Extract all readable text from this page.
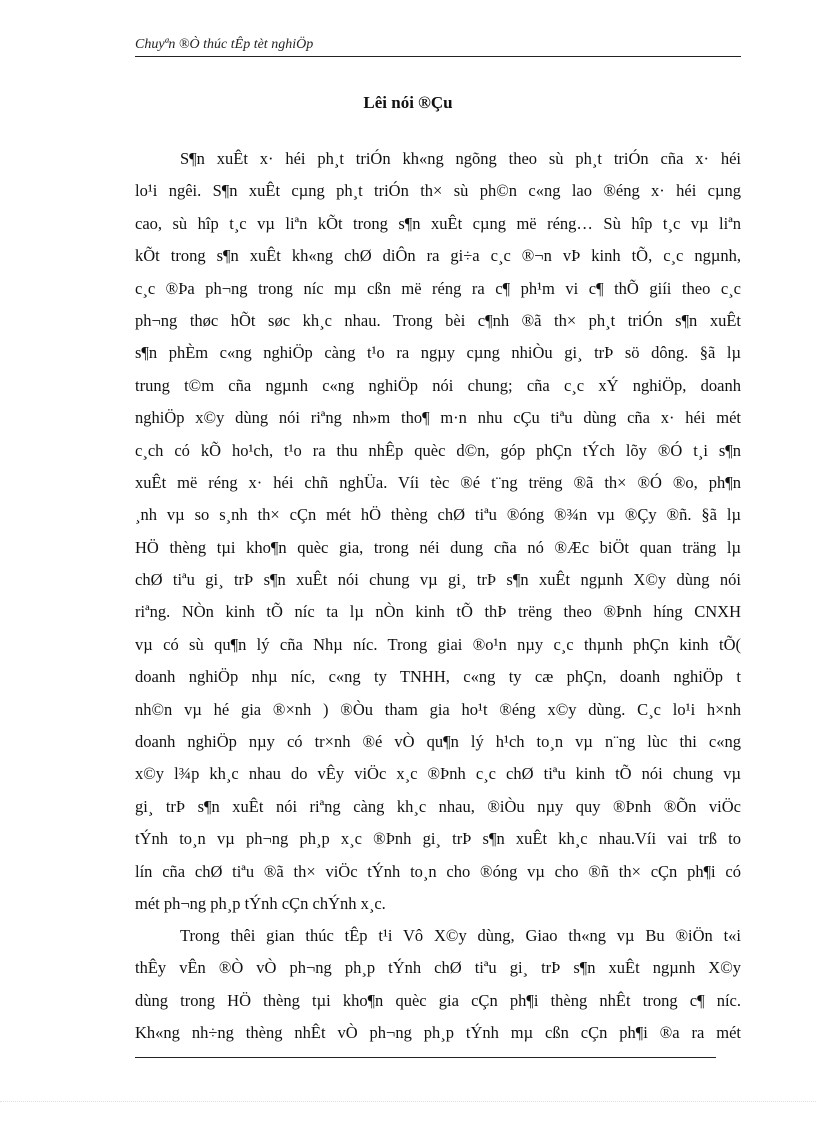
Chuyªn ®Ò thúc tÊp tèt nghiÖp
Lêi nói ®Çu
S¶n xuÊt x· héi ph¸t triÓn kh«ng ngõng theo sù ph¸t triÓn cña x· héi
lo¹i ngêi. S¶n xuÊt cµng ph¸t triÓn th× sù ph©n c«ng lao ®éng x· héi cµng
cao, sù hîp t¸c vµ liªn kÕt trong s¶n xuÊt cµng më réng… Sù hîp t¸c vµ liªn
kÕt trong s¶n xuÊt kh«ng chØ diÔn ra gi÷a c¸c ®¬n vÞ kinh tÕ, c¸c ngµnh,
c¸c ®Þa ph¬ng trong níc mµ cßn më réng ra c¶ ph¹m vi c¶ thÕ giíi theo c¸c
ph¬ng thøc hÕt søc kh¸c nhau. Trong bèi c¶nh ®ã th× ph¸t triÓn s¶n xuÊt
s¶n phÈm c«ng nghiÖp càng t¹o ra ngµy cµng nhiÒu gi¸ trÞ sö dông. §ã lµ
trung t©m cña ngµnh c«ng nghiÖp nói chung; cña c¸c xÝ nghiÖp, doanh
nghiÖp x©y dùng nói riªng nh»m tho¶ m·n nhu cÇu tiªu dùng cña x· héi mét
c¸ch có kÕ ho¹ch, t¹o ra thu nhÊp quèc d©n, góp phÇn tÝch lõy ®Ó t¸i s¶n
xuÊt më réng x· héi chñ nghÜa. Víi tèc ®é t¨ng trëng ®ã th× ®Ó ®o, ph¶n
¸nh vµ so s¸nh th× cÇn mét hÖ thèng chØ tiªu ®óng ®¾n vµ ®Çy ®ñ. §ã lµ
HÖ thèng tµi kho¶n quèc gia, trong néi dung cña nó ®Æc biÖt quan träng lµ
chØ tiªu gi¸ trÞ s¶n xuÊt nói chung vµ gi¸ trÞ s¶n xuÊt ngµnh X©y dùng nói
riªng. NÒn kinh tÕ níc ta lµ nÒn kinh tÕ thÞ trëng theo ®Þnh híng CNXH
vµ có sù qu¶n lý cña Nhµ níc. Trong giai ®o¹n nµy c¸c thµnh phÇn kinh tÕ(
doanh nghiÖp nhµ níc, c«ng ty TNHH, c«ng ty cæ phÇn, doanh nghiÖp t
nh©n vµ hé gia ®×nh ) ®Òu tham gia ho¹t ®éng x©y dùng. C¸c lo¹i h×nh
doanh nghiÖp nµy có tr×nh ®é vÒ qu¶n lý h¹ch to¸n vµ n¨ng lùc thi c«ng
x©y l¾p kh¸c nhau do vÊy viÖc x¸c ®Þnh c¸c chØ tiªu kinh tÕ nói chung vµ
gi¸ trÞ s¶n xuÊt nói riªng càng kh¸c nhau, ®iÒu nµy quy ®Þnh ®Õn viÖc
tÝnh to¸n vµ ph¬ng ph¸p x¸c ®Þnh gi¸ trÞ s¶n xuÊt kh¸c nhau.Víi vai trß to
lín cña chØ tiªu ®ã th× viÖc tÝnh to¸n cho ®óng vµ cho ®ñ th× cÇn ph¶i có
mét ph¬ng ph¸p tÝnh cÇn chÝnh x¸c.
Trong thêi gian thúc tÊp t¹i Vô X©y dùng, Giao th«ng vµ Bu ®iÖn t«i
thÊy vÊn ®Ò vÒ ph¬ng ph¸p tÝnh chØ tiªu gi¸ trÞ s¶n xuÊt ngµnh X©y
dùng trong HÖ thèng tµi kho¶n quèc gia cÇn ph¶i thèng nhÊt trong c¶ níc.
Kh«ng nh÷ng thèng nhÊt vÒ ph¬ng ph¸p tÝnh mµ cßn cÇn ph¶i ®a ra mét
